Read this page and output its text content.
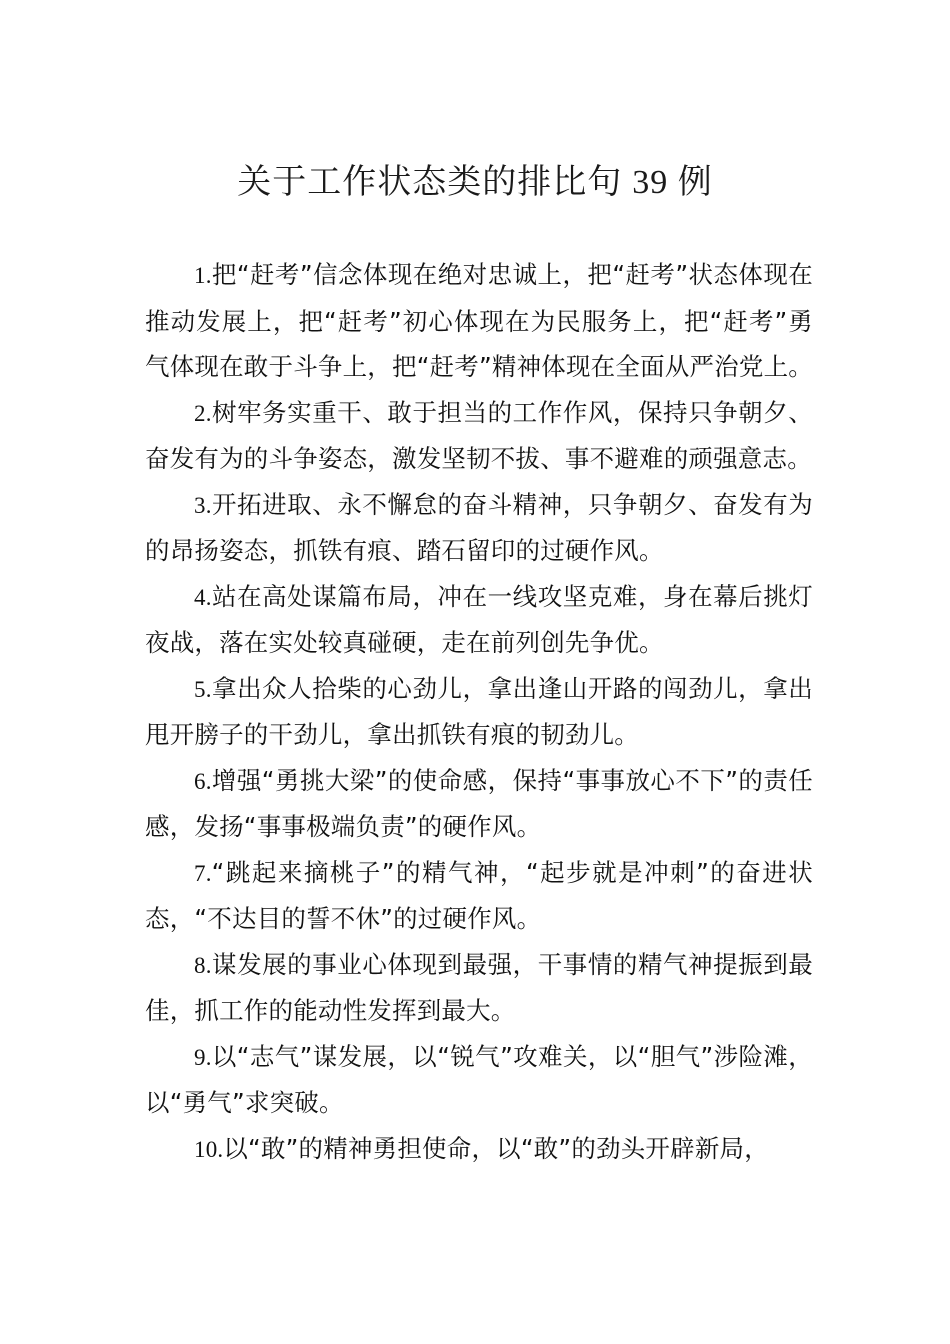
关于工作状态类的排比句 39 例

1.把“赶考”信念体现在绝对忠诚上，把“赶考”状态体现在推动发展上，把“赶考”初心体现在为民服务上，把“赶考”勇气体现在敢于斗争上，把“赶考”精神体现在全面从严治党上。

2.树牢务实重干、敢于担当的工作作风，保持只争朝夕、奋发有为的斗争姿态，激发坚韧不拔、事不避难的顽强意志。

3.开拓进取、永不懈怠的奋斗精神，只争朝夕、奋发有为的昂扬姿态，抓铁有痕、踏石留印的过硬作风。

4.站在高处谋篇布局，冲在一线攻坚克难，身在幕后挑灯夜战，落在实处较真碰硬，走在前列创先争优。

5.拿出众人拾柴的心劲儿，拿出逢山开路的闯劲儿，拿出甩开膀子的干劲儿，拿出抓铁有痕的韧劲儿。

6.增强“勇挑大梁”的使命感，保持“事事放心不下”的责任感，发扬“事事极端负责”的硬作风。

7.“跳起来摘桃子”的精气神，“起步就是冲刺”的奋进状态，“不达目的誓不休”的过硬作风。

8.谋发展的事业心体现到最强，干事情的精气神提振到最佳，抓工作的能动性发挥到最大。

9.以“志气”谋发展，以“锐气”攻难关，以“胆气”涉险滩，以“勇气”求突破。

10.以“敢”的精神勇担使命，以“敢”的劲头开辟新局，
